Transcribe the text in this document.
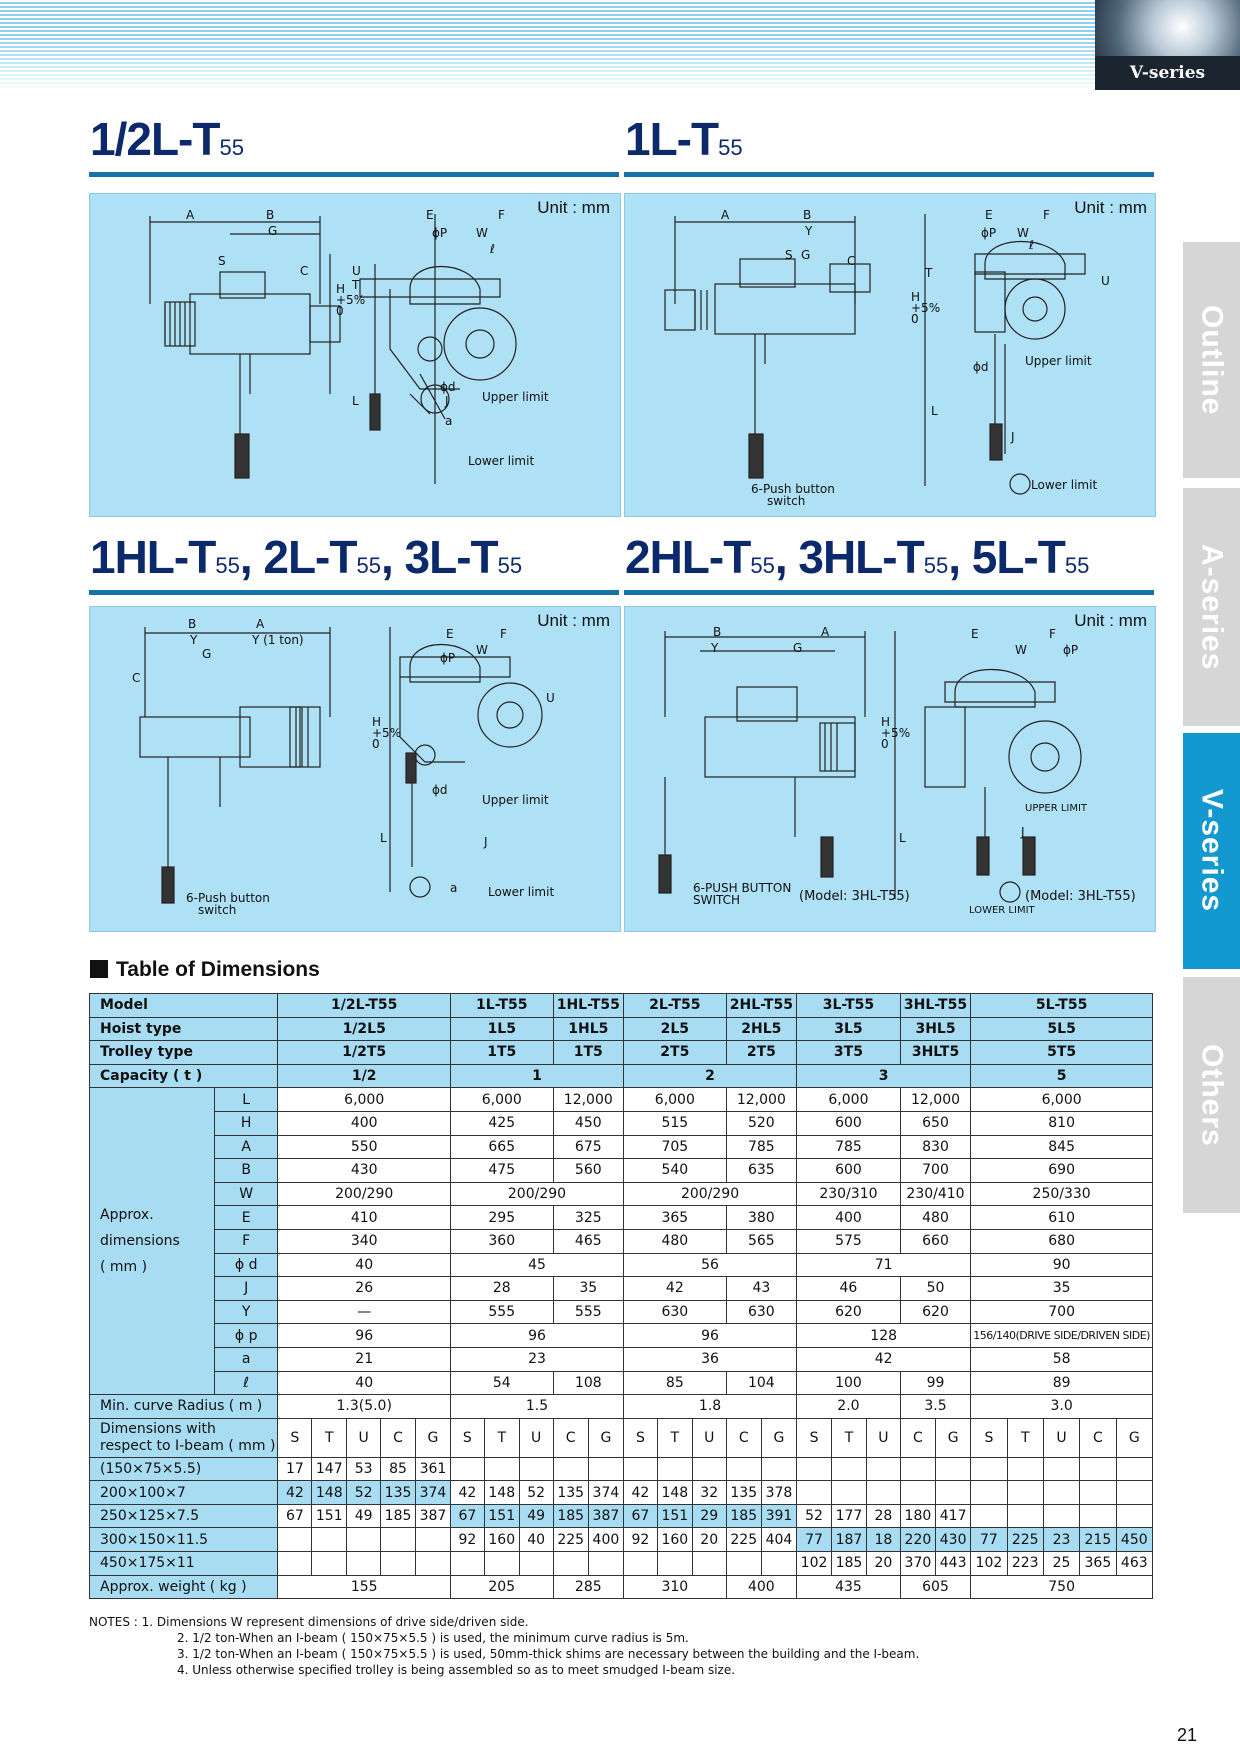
V-series
Outline
A-series
V-series
Others
1/2L-T55	1L-T55
1HL-T55, 2L-T55, 3L-T55 2HL-T55, 3HL-T55, 5L-T55
Unit : mm
A	B
G
S
C
E	F
ϕP W
ℓ
T
U
H +5% 0
L
ϕd
J
a
Upper limit
Lower limit
Unit : mm
A	B
Y
S G	C
E	F
ϕP W
ℓ
T
U
H +5% 0
L
ϕd
J
Upper limit
Lower limit
6-Push button
switch
Unit : mm
B	A
Y	Y (1 ton)
G
C
E	F
ϕP
W
H +5% 0
U
L
ϕd
J
a
Upper limit
Lower limit
6-Push button
switch
Unit : mm
B	A
Y	G
E	F
W	ϕP
H +5% 0
L	J
UPPER LIMIT
LOWER LIMIT
6-PUSH BUTTON
SWITCH	(Model: 3HL-T55)	(Model: 3HL-T55)
Table of Dimensions
Model		1/2L-T55					1L-T55			1HL-T55		2L-T55			2HL-T55		3L-T55			3HL-T55		5L-T55				
Hoist type		1/2L5					1L5			1HL5		2L5			2HL5		3L5			3HL5		5L5				
Trolley type		1/2T5					1T5			1T5		2T5			2T5		3T5			3HLT5		5T5				
Capacity ( t )		1/2					1					2					3					5				

Approx.
dimensions
( mm )	L	6,000					6,000			12,000		6,000			12,000		6,000			12,000		6,000				
	H	400					425			450		515			520		600			650		810				
	A	550					665			675		705			785		785			830		845				
	B	430					475			560		540			635		600			700		690				
	W	200/290					200/290					200/290					230/310			230/410		250/330				
	E	410					295			325		365			380		400			480		610				
	F	340					360			465		480			565		575			660		680				
	ϕ d	40					45					56					71					90				
	J	26					28			35		42			43		46			50		35				
	Y	—					555			555		630			630		620			620		700				
	ϕ p	96					96					96					128					156/140(DRIVE SIDE/DRIVEN SIDE)				
	a	21					23					36					42					58				
	ℓ	40					54			108		85			104		100			99		89				
Min. curve Radius ( m )		1.3(5.0)					1.5					1.8					2.0			3.5		3.0				

Dimensions with
respect to I-beam ( mm )		S	T	U	C	G	S	T	U	C	G	S	T	U	C	G	S	T	U	C	G	S	T	U	C	G
(150×75×5.5)		17	147	53	85	361																				
200×100×7		42	148	52	135	374	42	148	52	135	374	42	148	32	135	378										
250×125×7.5		67	151	49	185	387	67	151	49	185	387	67	151	29	185	391	52	177	28	180	417					
300×150×11.5							92	160	40	225	400	92	160	20	225	404	77	187	18	220	430	77	225	23	215	450
450×175×11																	102	185	20	370	443	102	223	25	365	463
Approx. weight ( kg )		155					205			285		310			400		435			605		750				
NOTES : 1. Dimensions W represent dimensions of drive side/driven side.
2. 1/2 ton-When an I-beam ( 150×75×5.5 ) is used, the minimum curve radius is 5m.
3. 1/2 ton-When an I-beam ( 150×75×5.5 ) is used, 50mm-thick shims are necessary between the building and the I-beam.
4. Unless otherwise specified trolley is being assembled so as to meet smudged I-beam size.
21
